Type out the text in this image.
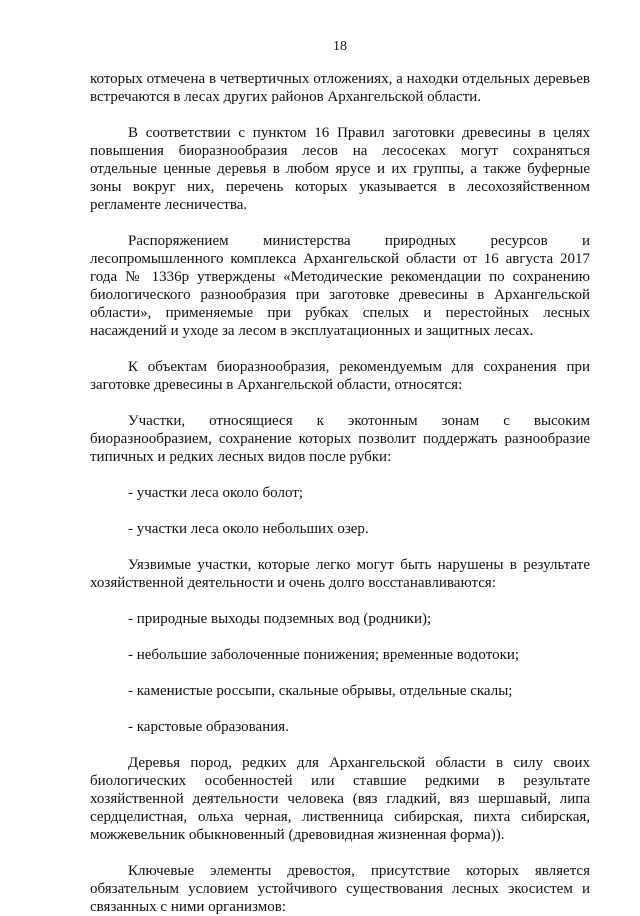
18

которых отмечена в четвертичных отложениях, а находки отдельных деревьев встречаются в лесах других районов Архангельской области.

В соответствии с пунктом 16 Правил заготовки древесины в целях повышения биоразнообразия лесов на лесосеках могут сохраняться отдельные ценные деревья в любом ярусе и их группы, а также буферные зоны вокруг них, перечень которых указывается в лесохозяйственном регламенте лесничества.

Распоряжением министерства природных ресурсов и лесопромышленного комплекса Архангельской области от 16 августа 2017 года № 1336р утверждены «Методические рекомендации по сохранению биологического разнообразия при заготовке древесины в Архангельской области», применяемые при рубках спелых и перестойных лесных насаждений и уходе за лесом в эксплуатационных и защитных лесах.

К объектам биоразнообразия, рекомендуемым для сохранения при заготовке древесины в Архангельской области, относятся:

Участки, относящиеся к экотонным зонам с высоким биоразнообразием, сохранение которых позволит поддержать разнообразие типичных и редких лесных видов после рубки:

- участки леса около болот;

- участки леса около небольших озер.

Уязвимые участки, которые легко могут быть нарушены в результате хозяйственной деятельности и очень долго восстанавливаются:

- природные выходы подземных вод (родники);

- небольшие заболоченные понижения; временные водотоки;

- каменистые россыпи, скальные обрывы, отдельные скалы;

- карстовые образования.

Деревья пород, редких для Архангельской области в силу своих биологических особенностей или ставшие редкими в результате хозяйственной деятельности человека (вяз гладкий, вяз шершавый, липа сердцелистная, ольха черная, лиственница сибирская, пихта сибирская, можжевельник обыкновенный (древовидная жизненная форма)).

Ключевые элементы древостоя, присутствие которых является обязательным условием устойчивого существования лесных экосистем и связанных с ними организмов:
